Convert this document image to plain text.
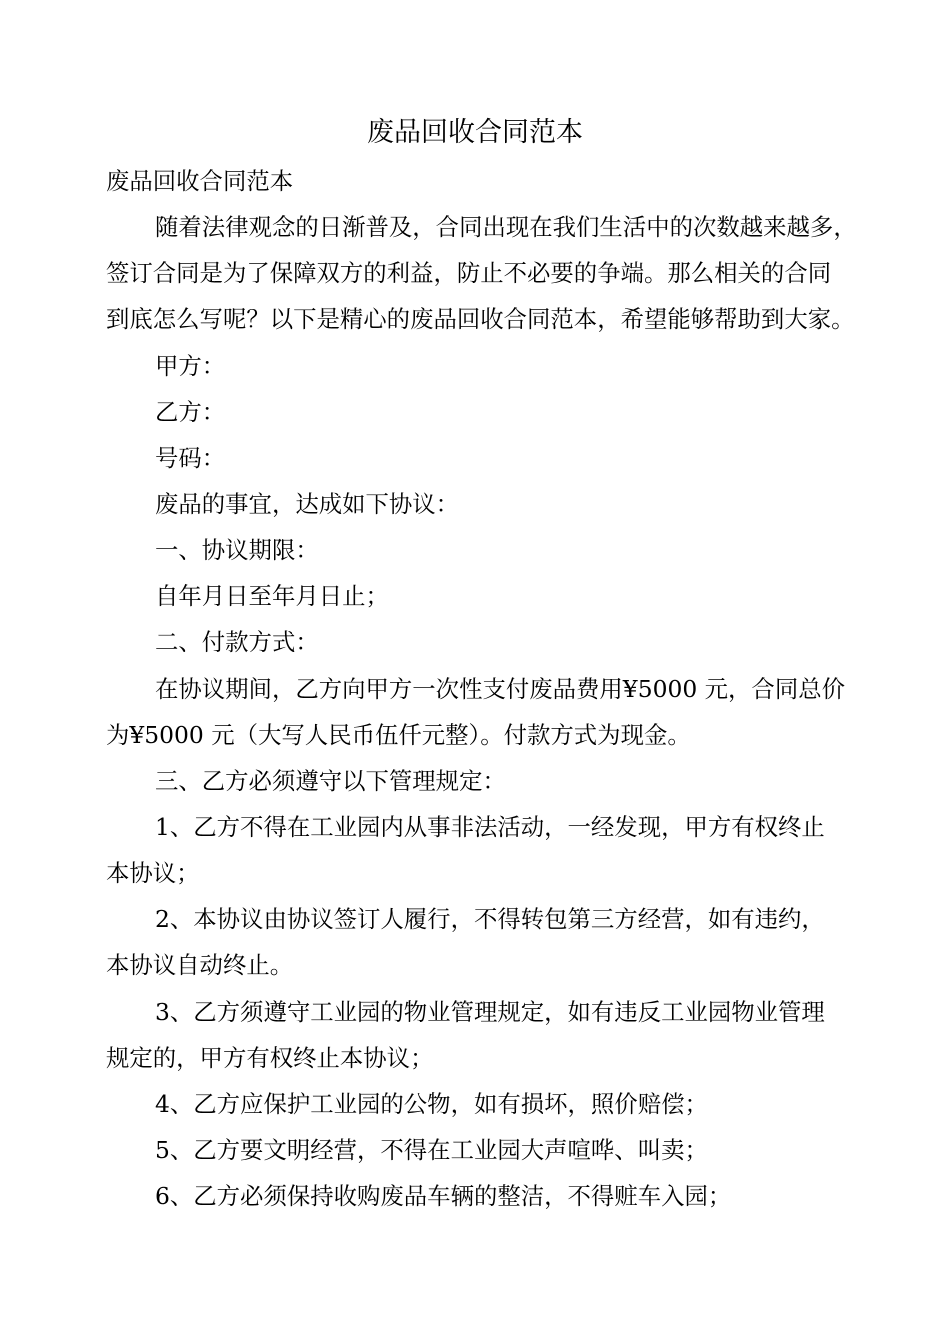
废品回收合同范本

废品回收合同范本

随着法律观念的日渐普及，合同出现在我们生活中的次数越来越多，
签订合同是为了保障双方的利益，防止不必要的争端。那么相关的合同
到底怎么写呢？以下是精心的废品回收合同范本，希望能够帮助到大家。

甲方：

乙方：

号码：

废品的事宜，达成如下协议：

一、协议期限：

自年月日至年月日止；

二、付款方式：

在协议期间，乙方向甲方一次性支付废品费用¥5000 元，合同总价
为¥5000 元（大写人民币伍仟元整）。付款方式为现金。

三、乙方必须遵守以下管理规定：

1、乙方不得在工业园内从事非法活动，一经发现，甲方有权终止
本协议；

2、本协议由协议签订人履行，不得转包第三方经营，如有违约，
本协议自动终止。

3、乙方须遵守工业园的物业管理规定，如有违反工业园物业管理
规定的，甲方有权终止本协议；

4、乙方应保护工业园的公物，如有损坏，照价赔偿；

5、乙方要文明经营，不得在工业园大声喧哗、叫卖；

6、乙方必须保持收购废品车辆的整洁，不得赃车入园；
